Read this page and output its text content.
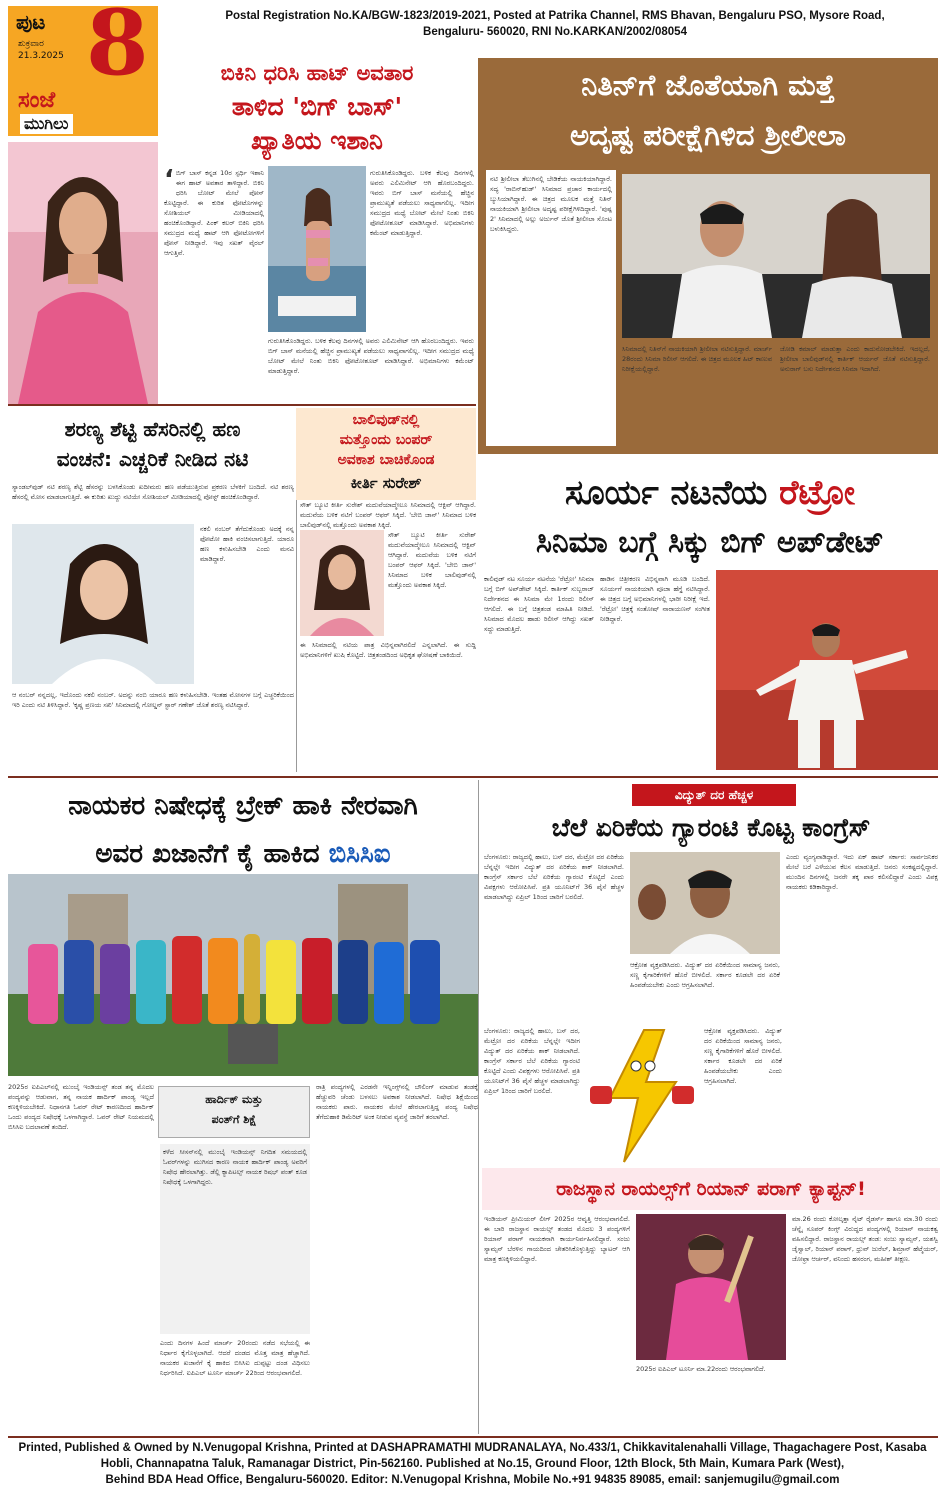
ಪುಟ 8
ಶುಕ್ರವಾರ
21.3.2025
ಸಂಜೆ
ಮುಗಿಲು
Postal Registration No.KA/BGW-1823/2019-2021, Posted at Patrika Channel, RMS Bhavan, Bengaluru PSO, Mysore Road,
Bengaluru- 560020, RNI No.KARKAN/2002/08054
ಬಿಕಿನಿ ಧರಿಸಿ ಹಾಟ್ ಅವತಾರ
ತಾಳಿದ 'ಬಿಗ್ ಬಾಸ್'
ಖ್ಯಾತಿಯ ಇಶಾನಿ
‘ ಬಿಗ್ ಬಾಸ್ ಕನ್ನಡ 10ರ ಸ್ಪರ್ಧಿ ಇಶಾನಿ ಈಗ ಹಾಟ್ ಅವತಾರ ತಾಳಿದ್ದಾರೆ. ಬಿಕಿನಿ ಧರಿಸಿ ಬೋಟ್ ಮೇಲೆ ಪೋಸ್ ಕೊಟ್ಟಿದ್ದಾರೆ. ಈ ಕುರಿತ ಫೋಟೊಗಳನ್ನು ಸೋಶಿಯಲ್ ಮೀಡಿಯಾದಲ್ಲಿ ಹಂಚಿಕೊಂಡಿದ್ದಾರೆ. ಪಿಂಕ್ ಕಲರ್ ಬಿಕಿನಿ ಧರಿಸಿ ಸಮುದ್ರದ ಮಧ್ಯೆ ಹಾಟ್ ಆಗಿ ಫೋಟೋಗಳಿಗೆ ಪೋಸ್ ನೀಡಿದ್ದಾರೆ. ಇವು ಸಖತ್ ವೈರಲ್ ಆಗುತ್ತಿವೆ.
ಗುರುತಿಸಿಕೊಂಡಿದ್ದರು. ಬಳಿಕ ಕೆಲವು ದಿನಗಳಲ್ಲಿ ಅವರು ಎಲಿಮಿನೇಟ್ ಆಗಿ ಹೊರಬಂದಿದ್ದರು. ಇವರು ಬಿಗ್ ಬಾಸ್ ಮನೆಯಲ್ಲಿ ಹೆಚ್ಚಿನ ಪ್ರಾಮುಖ್ಯತೆ ಪಡೆಯಲು ಸಾಧ್ಯವಾಗಲಿಲ್ಲ. ಇದೀಗ ಸಮುದ್ರದ ಮಧ್ಯೆ ಬೋಟ್ ಮೇಲೆ ನಿಂತು ಬಿಕಿನಿ ಫೋಟೋಶೂಟ್ ಮಾಡಿಸಿದ್ದಾರೆ. ಅಭಿಮಾನಿಗಳು ಕಮೆಂಟ್ ಮಾಡುತ್ತಿದ್ದಾರೆ.
ಗುರುತಿಸಿಕೊಂಡಿದ್ದರು. ಬಳಿಕ ಕೆಲವು ದಿನಗಳಲ್ಲಿ ಅವರು ಎಲಿಮಿನೇಟ್ ಆಗಿ ಹೊರಬಂದಿದ್ದರು. ಇವರು ಬಿಗ್ ಬಾಸ್ ಮನೆಯಲ್ಲಿ ಹೆಚ್ಚಿನ ಪ್ರಾಮುಖ್ಯತೆ ಪಡೆಯಲು ಸಾಧ್ಯವಾಗಲಿಲ್ಲ. ಇದೀಗ ಸಮುದ್ರದ ಮಧ್ಯೆ ಬೋಟ್ ಮೇಲೆ ನಿಂತು ಬಿಕಿನಿ ಫೋಟೋಶೂಟ್ ಮಾಡಿಸಿದ್ದಾರೆ. ಅಭಿಮಾನಿಗಳು ಕಮೆಂಟ್ ಮಾಡುತ್ತಿದ್ದಾರೆ.
ನಿತಿನ್‌ಗೆ ಜೊತೆಯಾಗಿ ಮತ್ತೆ
ಅದೃಷ್ಟ ಪರೀಕ್ಷೆಗಿಳಿದ ಶ್ರೀಲೀಲಾ
ನಟಿ ಶ್ರೀಲೀಲಾ ತೆಲುಗಿನಲ್ಲಿ ಬೇಡಿಕೆಯ ನಾಯಕಿಯಾಗಿದ್ದಾರೆ. ಸದ್ಯ 'ರಾಬಿನ್‌ಹುಡ್' ಸಿನಿಮಾದ ಪ್ರಚಾರ ಕಾರ್ಯದಲ್ಲಿ ಬ್ಯುಸಿಯಾಗಿದ್ದಾರೆ. ಈ ಚಿತ್ರದ ಮೂಲಕ ಮತ್ತೆ ನಿತಿನ್ ನಾಯಕಿಯಾಗಿ ಶ್ರೀಲೀಲಾ ಅದೃಷ್ಟ ಪರೀಕ್ಷೆಗಿಳಿದಿದ್ದಾರೆ. 'ಪುಷ್ಪ 2' ಸಿನಿಮಾದಲ್ಲಿ ಅಲ್ಲು ಅರ್ಜುನ್ ಜೊತೆ ಶ್ರೀಲೀಲಾ ಸೊಂಟ ಬಳುಕಿಸಿದ್ದರು.
ಸಿನಿಮಾದಲ್ಲಿ ನಿತಿನ್‌ಗೆ ನಾಯಕಿಯಾಗಿ ಶ್ರೀಲೀಲಾ ನಟಿಸುತ್ತಿದ್ದಾರೆ. ಮಾರ್ಚ್ 28ರಂದು ಸಿನಿಮಾ ರಿಲೀಸ್ ಆಗಲಿದೆ. ಈ ಚಿತ್ರದ ಮೂಲಕ ಹಿಟ್ ಕಾಣುವ ನಿರೀಕ್ಷೆಯಲ್ಲಿದ್ದಾರೆ.
ಜೋಡಿ ಕಮಾಲ್ ಮಾಡುತ್ತಾ ಎಂದು ಕಾದುನೋಡಬೇಕಿದೆ. ಇದಲ್ಲದೆ, ಶ್ರೀಲೀಲಾ ಬಾಲಿವುಡ್‌ನಲ್ಲಿ ಕಾರ್ತಿಕ್ ಆರ್ಯನ್ ಜೊತೆ ನಟಿಸುತ್ತಿದ್ದಾರೆ. ಅನುರಾಗ್ ಬಸು ನಿರ್ದೇಶನದ ಸಿನಿಮಾ ಇದಾಗಿದೆ.
ಶರಣ್ಯ ಶೆಟ್ಟಿ ಹೆಸರಿನಲ್ಲಿ ಹಣ
ವಂಚನೆ: ಎಚ್ಚರಿಕೆ ನೀಡಿದ ನಟಿ
ಸ್ಯಾಂಡಲ್‌ವುಡ್ ನಟಿ ಶರಣ್ಯ ಶೆಟ್ಟಿ ಹೆಸರನ್ನು ಬಳಸಿಕೊಂಡು ಖದೀಮರು ಹಣ ಪಡೆಯುತ್ತಿರುವ ಪ್ರಕರಣ ಬೆಳಕಿಗೆ ಬಂದಿದೆ. ನಟಿ ಶರಣ್ಯ ಹೆಸರಲ್ಲಿ ಮೋಸ ಮಾಡಲಾಗುತ್ತಿದೆ. ಈ ಕುರಿತು ಖುದ್ದು ನಟಿಯೇ ಸೋಶಿಯಲ್ ಮೀಡಿಯಾದಲ್ಲಿ ಪೋಸ್ಟ್ ಹಂಚಿಕೊಂಡಿದ್ದಾರೆ.
ನಕಲಿ ನಂಬರ್ ತೆಗೆದುಕೊಂಡು ಅದಕ್ಕೆ ನನ್ನ ಫೋಟೋ ಹಾಕಿ ವಂಚಿಸಲಾಗುತ್ತಿದೆ. ಯಾರೂ ಹಣ ಕಳುಹಿಸಬೇಡಿ ಎಂದು ಮನವಿ ಮಾಡಿದ್ದಾರೆ.
ಆ ನಂಬರ್ ನನ್ನದಲ್ಲ, ಇದೊಂದು ನಕಲಿ ನಂಬರ್. ಅದನ್ನು ನಂಬಿ ಯಾರೂ ಹಣ ಕಳುಹಿಸಬೇಡಿ. ಇಂತಹ ಮೋಸಗಳ ಬಗ್ಗೆ ಎಚ್ಚರಿಕೆಯಿಂದ ಇರಿ ಎಂದು ನಟಿ ತಿಳಿಸಿದ್ದಾರೆ. 'ಕೃಷ್ಣ ಪ್ರಣಯ ಸಖಿ' ಸಿನಿಮಾದಲ್ಲಿ ಗೋಲ್ಡನ್ ಸ್ಟಾರ್ ಗಣೇಶ್ ಜೊತೆ ಶರಣ್ಯ ನಟಿಸಿದ್ದಾರೆ.
ಬಾಲಿವುಡ್‌ನಲ್ಲಿ
ಮತ್ತೊಂದು ಬಂಪರ್
ಅವಕಾಶ ಬಾಚಿಕೊಂಡ
ಕೀರ್ತಿ ಸುರೇಶ್
ಸೌತ್ ಬ್ಯೂಟಿ ಕೀರ್ತಿ ಸುರೇಶ್ ಮದುವೆಯಾದ್ಮೇಲೂ ಸಿನಿಮಾದಲ್ಲಿ ಆಕ್ಟಿವ್ ಆಗಿದ್ದಾರೆ. ಮದುವೆಯ ಬಳಿಕ ನಟಿಗೆ ಬಂಪರ್ ಆಫರ್ ಸಿಕ್ಕಿದೆ. 'ಬೇಬಿ ಜಾನ್' ಸಿನಿಮಾದ ಬಳಿಕ ಬಾಲಿವುಡ್‌ನಲ್ಲಿ ಮತ್ತೊಂದು ಅವಕಾಶ ಸಿಕ್ಕಿದೆ.
ಸೌತ್ ಬ್ಯೂಟಿ ಕೀರ್ತಿ ಸುರೇಶ್ ಮದುವೆಯಾದ್ಮೇಲೂ ಸಿನಿಮಾದಲ್ಲಿ ಆಕ್ಟಿವ್ ಆಗಿದ್ದಾರೆ. ಮದುವೆಯ ಬಳಿಕ ನಟಿಗೆ ಬಂಪರ್ ಆಫರ್ ಸಿಕ್ಕಿದೆ. 'ಬೇಬಿ ಜಾನ್' ಸಿನಿಮಾದ ಬಳಿಕ ಬಾಲಿವುಡ್‌ನಲ್ಲಿ ಮತ್ತೊಂದು ಅವಕಾಶ ಸಿಕ್ಕಿದೆ.
ಈ ಸಿನಿಮಾದಲ್ಲಿ ನಟಿಯ ಪಾತ್ರ ವಿಭಿನ್ನವಾಗಿರಲಿದೆ ಎನ್ನಲಾಗಿದೆ. ಈ ಸುದ್ದಿ ಅಭಿಮಾನಿಗಳಿಗೆ ಖುಷಿ ಕೊಟ್ಟಿದೆ. ಚಿತ್ರತಂಡದಿಂದ ಅಧಿಕೃತ ಘೋಷಣೆ ಬಾಕಿಯಿದೆ.
ಸೂರ್ಯ ನಟನೆಯ ರೆಟ್ರೋ
ಸಿನಿಮಾ ಬಗ್ಗೆ ಸಿಕ್ಕು ಬಿಗ್ ಅಪ್‌ಡೇಟ್
ಕಾಲಿವುಡ್ ನಟ ಸೂರ್ಯ ನಟನೆಯ 'ರೆಟ್ರೋ' ಸಿನಿಮಾ ಬಗ್ಗೆ ಬಿಗ್ ಅಪ್‌ಡೇಟ್ ಸಿಕ್ಕಿದೆ. ಕಾರ್ತಿಕ್ ಸುಬ್ಬರಾಜ್ ನಿರ್ದೇಶನದ ಈ ಸಿನಿಮಾ ಮೇ 1ರಂದು ರಿಲೀಸ್ ಆಗಲಿದೆ. ಈ ಬಗ್ಗೆ ಚಿತ್ರತಂಡ ಮಾಹಿತಿ ನೀಡಿದೆ. ಸಿನಿಮಾದ ಮೊದಲ ಹಾಡು ರಿಲೀಸ್ ಆಗಿದ್ದು ಸಖತ್ ಸದ್ದು ಮಾಡುತ್ತಿದೆ.
ಹಾಡಿನ ಚಿತ್ರೀಕರಣ ವಿಭಿನ್ನವಾಗಿ ಮೂಡಿ ಬಂದಿದೆ. ಸೂರ್ಯಗೆ ನಾಯಕಿಯಾಗಿ ಪೂಜಾ ಹೆಗ್ಡೆ ನಟಿಸಿದ್ದಾರೆ. ಈ ಚಿತ್ರದ ಬಗ್ಗೆ ಅಭಿಮಾನಿಗಳಲ್ಲಿ ಭಾರೀ ನಿರೀಕ್ಷೆ ಇದೆ. 'ರೆಟ್ರೋ' ಚಿತ್ರಕ್ಕೆ ಸಂತೋಷ್ ನಾರಾಯಣನ್ ಸಂಗೀತ ನೀಡಿದ್ದಾರೆ.
ನಾಯಕರ ನಿಷೇಧಕ್ಕೆ ಬ್ರೇಕ್ ಹಾಕಿ ನೇರವಾಗಿ
ಅವರ ಖಜಾನೆಗೆ ಕೈ ಹಾಕಿದ ಬಿಸಿಸಿಐ
2025ರ ಐಪಿಎಲ್‌ನಲ್ಲಿ ಮುಂಬೈ ಇಂಡಿಯನ್ಸ್ ತಂಡ ತನ್ನ ಮೊದಲ ಪಂದ್ಯವನ್ನು ಆಡುವಾಗ, ತನ್ನ ನಾಯಕ ಹಾರ್ದಿಕ್ ಪಾಂಡ್ಯ ಇಲ್ಲದೆ ಕಣಕ್ಕಿಳಿಯಬೇಕಿದೆ. ನಿಧಾನಗತಿ ಓವರ್ ರೇಟ್ ಕಾರಣದಿಂದ ಹಾರ್ದಿಕ್ ಒಂದು ಪಂದ್ಯದ ನಿಷೇಧಕ್ಕೆ ಒಳಗಾಗಿದ್ದಾರೆ. ಒವರ್ ರೇಟ್ ನಿಯಮದಲ್ಲಿ ಬಿಸಿಸಿಐ ಬದಲಾವಣೆ ತಂದಿದೆ.
ಹಾರ್ದಿಕ್ ಮತ್ತು
ಪಂತ್‌ಗೆ ಶಿಕ್ಷೆ
ಕಳೆದ ಸೀಸನ್‌ನಲ್ಲಿ ಮುಂಬೈ ಇಂಡಿಯನ್ಸ್ ನಿಗದಿತ ಸಮಯದಲ್ಲಿ ಓವರ್‌ಗಳನ್ನು ಮುಗಿಸದ ಕಾರಣ ನಾಯಕ ಹಾರ್ದಿಕ್ ಪಾಂಡ್ಯ ಅವರಿಗೆ ನಿಷೇಧ ಹೇರಲಾಗಿತ್ತು. ಡೆಲ್ಲಿ ಕ್ಯಾಪಿಟಲ್ಸ್ ನಾಯಕ ರಿಷಭ್ ಪಂತ್ ಕೂಡ ನಿಷೇಧಕ್ಕೆ ಒಳಗಾಗಿದ್ದರು.
ರಾತ್ರಿ ಪಂದ್ಯಗಳಲ್ಲಿ ಎರಡನೇ ಇನ್ನಿಂಗ್ಸ್‌ನಲ್ಲಿ ಬೌಲಿಂಗ್ ಮಾಡುವ ತಂಡಕ್ಕೆ ಹೆಚ್ಚುವರಿ ಚೆಂಡು ಬಳಸಲು ಅವಕಾಶ ನೀಡಲಾಗಿದೆ. ನಿಷೇಧ ಶಿಕ್ಷೆಯಿಂದ ನಾಯಕರು ಪಾರು. ನಾಯಕರ ಮೇಲೆ ಹೇರಲಾಗುತ್ತಿದ್ದ ಪಂದ್ಯ ನಿಷೇಧ ತೆಗೆದುಹಾಕಿ ಡಿಮೆರಿಟ್ ಅಂಕ ನೀಡುವ ವ್ಯವಸ್ಥೆ ಜಾರಿಗೆ ತರಲಾಗಿದೆ.
ಎಂದು ದಿನಗಳ ಹಿಂದೆ ಮಾರ್ಚ್ 20ರಂದು ನಡೆದ ಸಭೆಯಲ್ಲಿ ಈ ನಿರ್ಧಾರ ಕೈಗೊಳ್ಳಲಾಗಿದೆ. ಆದರೆ ದಂಡದ ಮೊತ್ತ ಮಾತ್ರ ಹೆಚ್ಚಾಗಿದೆ. ನಾಯಕರ ಖಜಾನೆಗೆ ಕೈ ಹಾಕಿದ ಬಿಸಿಸಿಐ ದುಪ್ಪಟ್ಟು ದಂಡ ವಿಧಿಸಲು ನಿರ್ಧರಿಸಿದೆ. ಐಪಿಎಲ್ ಟೂರ್ನಿ ಮಾರ್ಚ್ 22ರಿಂದ ಆರಂಭವಾಗಲಿದೆ.
ವಿದ್ಯುತ್ ದರ ಹೆಚ್ಚಳ
ಬೆಲೆ ಏರಿಕೆಯ ಗ್ಯಾರಂಟಿ ಕೊಟ್ಟ ಕಾಂಗ್ರೆಸ್
ಬೆಂಗಳೂರು: ರಾಜ್ಯದಲ್ಲಿ ಹಾಲು, ಬಸ್ ದರ, ಮೆಟ್ರೋ ದರ ಏರಿಕೆಯ ಬೆನ್ನಲ್ಲೇ ಇದೀಗ ವಿದ್ಯುತ್ ದರ ಏರಿಕೆಯ ಶಾಕ್ ನೀಡಲಾಗಿದೆ. ಕಾಂಗ್ರೆಸ್ ಸರ್ಕಾರ ಬೆಲೆ ಏರಿಕೆಯ ಗ್ಯಾರಂಟಿ ಕೊಟ್ಟಿದೆ ಎಂದು ವಿಪಕ್ಷಗಳು ಆರೋಪಿಸಿವೆ. ಪ್ರತಿ ಯೂನಿಟ್‌ಗೆ 36 ಪೈಸೆ ಹೆಚ್ಚಳ ಮಾಡಲಾಗಿದ್ದು ಏಪ್ರಿಲ್ 1ರಿಂದ ಜಾರಿಗೆ ಬರಲಿದೆ.
ಎಂದು ವ್ಯಂಗ್ಯವಾಡಿದ್ದಾರೆ. ಇದು ಏಕ್ ಹಾಟ್ ಸರ್ಕಾರ: ಸಾರ್ವಜನಿಕರ ಮೇಲೆ ಬರೆ ಎಳೆಯುವ ಕೆಲಸ ಮಾಡುತ್ತಿದೆ. ಜನರು ಸಂಕಷ್ಟದಲ್ಲಿದ್ದಾರೆ. ಮುಂದಿನ ದಿನಗಳಲ್ಲಿ ಜನರೇ ತಕ್ಕ ಪಾಠ ಕಲಿಸಲಿದ್ದಾರೆ ಎಂದು ವಿಪಕ್ಷ ನಾಯಕರು ಕಿಡಿಕಾರಿದ್ದಾರೆ.
ಆಕ್ರೋಶ ವ್ಯಕ್ತಪಡಿಸಿದರು. ವಿದ್ಯುತ್ ದರ ಏರಿಕೆಯಿಂದ ಸಾಮಾನ್ಯ ಜನರು, ಸಣ್ಣ ಕೈಗಾರಿಕೆಗಳಿಗೆ ಹೊರೆ ಬೀಳಲಿದೆ. ಸರ್ಕಾರ ಕೂಡಲೇ ದರ ಏರಿಕೆ ಹಿಂಪಡೆಯಬೇಕು ಎಂದು ಆಗ್ರಹಿಸಲಾಗಿದೆ.
ಬೆಂಗಳೂರು: ರಾಜ್ಯದಲ್ಲಿ ಹಾಲು, ಬಸ್ ದರ, ಮೆಟ್ರೋ ದರ ಏರಿಕೆಯ ಬೆನ್ನಲ್ಲೇ ಇದೀಗ ವಿದ್ಯುತ್ ದರ ಏರಿಕೆಯ ಶಾಕ್ ನೀಡಲಾಗಿದೆ. ಕಾಂಗ್ರೆಸ್ ಸರ್ಕಾರ ಬೆಲೆ ಏರಿಕೆಯ ಗ್ಯಾರಂಟಿ ಕೊಟ್ಟಿದೆ ಎಂದು ವಿಪಕ್ಷಗಳು ಆರೋಪಿಸಿವೆ. ಪ್ರತಿ ಯೂನಿಟ್‌ಗೆ 36 ಪೈಸೆ ಹೆಚ್ಚಳ ಮಾಡಲಾಗಿದ್ದು ಏಪ್ರಿಲ್ 1ರಿಂದ ಜಾರಿಗೆ ಬರಲಿದೆ.
ಆಕ್ರೋಶ ವ್ಯಕ್ತಪಡಿಸಿದರು. ವಿದ್ಯುತ್ ದರ ಏರಿಕೆಯಿಂದ ಸಾಮಾನ್ಯ ಜನರು, ಸಣ್ಣ ಕೈಗಾರಿಕೆಗಳಿಗೆ ಹೊರೆ ಬೀಳಲಿದೆ. ಸರ್ಕಾರ ಕೂಡಲೇ ದರ ಏರಿಕೆ ಹಿಂಪಡೆಯಬೇಕು ಎಂದು ಆಗ್ರಹಿಸಲಾಗಿದೆ.
ರಾಜಸ್ಥಾನ ರಾಯಲ್ಸ್‌ಗೆ ರಿಯಾನ್ ಪರಾಗ್ ಕ್ಯಾಪ್ಟನ್!
ಇಂಡಿಯನ್ ಪ್ರೀಮಿಯರ್ ಲೀಗ್ 2025ರ ಆವೃತ್ತಿ ಆರಂಭವಾಗಲಿದೆ. ಈ ಬಾರಿ ರಾಜಸ್ಥಾನ ರಾಯಲ್ಸ್ ತಂಡದ ಮೊದಲ 3 ಪಂದ್ಯಗಳಿಗೆ ರಿಯಾನ್ ಪರಾಗ್ ನಾಯಕನಾಗಿ ಕಾರ್ಯನಿರ್ವಹಿಸಲಿದ್ದಾರೆ. ಸಂಜು ಸ್ಯಾಮ್ಸನ್ ಬೆರಳಿನ ಗಾಯದಿಂದ ಚೇತರಿಸಿಕೊಳ್ಳುತ್ತಿದ್ದು ಬ್ಯಾಟರ್ ಆಗಿ ಮಾತ್ರ ಕಣಕ್ಕಿಳಿಯಲಿದ್ದಾರೆ.
2025ರ ಐಪಿಎಲ್ ಟೂರ್ನಿ ಮಾ.22ರಂದು ಆರಂಭವಾಗಲಿದೆ.
ಮಾ.26 ರಂದು ಕೋಲ್ಕತ್ತಾ ನೈಟ್ ರೈಡರ್ಸ್ ಹಾಗೂ ಮಾ.30 ರಂದು ಚೆನ್ನೈ ಸೂಪರ್ ಕಿಂಗ್ಸ್ ವಿರುದ್ಧದ ಪಂದ್ಯಗಳಲ್ಲಿ ರಿಯಾನ್ ನಾಯಕತ್ವ ವಹಿಸಲಿದ್ದಾರೆ. ರಾಜಸ್ಥಾನ ರಾಯಲ್ಸ್ ತಂಡ: ಸಂಜು ಸ್ಯಾಮ್ಸನ್, ಯಶಸ್ವಿ ಜೈಸ್ವಾಲ್, ರಿಯಾನ್ ಪರಾಗ್, ಧ್ರುವ್ ಜುರೆಲ್, ಶಿಮ್ರಾನ್ ಹೆಟ್ಮೆಯರ್, ಜೋಫ್ರಾ ಆರ್ಚರ್, ವನಿಂದು ಹಸರಂಗ, ಮಹೀಶ್ ತೀಕ್ಷಣ.
Printed, Published & Owned by N.Venugopal Krishna, Printed at DASHAPRAMATHI MUDRANALAYA, No.433/1, Chikkavitalenahalli Village, Thagachagere Post, Kasaba
Hobli, Channapatna Taluk, Ramanagar District, Pin-562160. Published at No.15, Ground Floor, 12th Block, 5th Main, Kumara Park (West),
Behind BDA Head Office, Bengaluru-560020. Editor: N.Venugopal Krishna, Mobile No.+91 94835 89085, email: sanjemugilu@gmail.com
